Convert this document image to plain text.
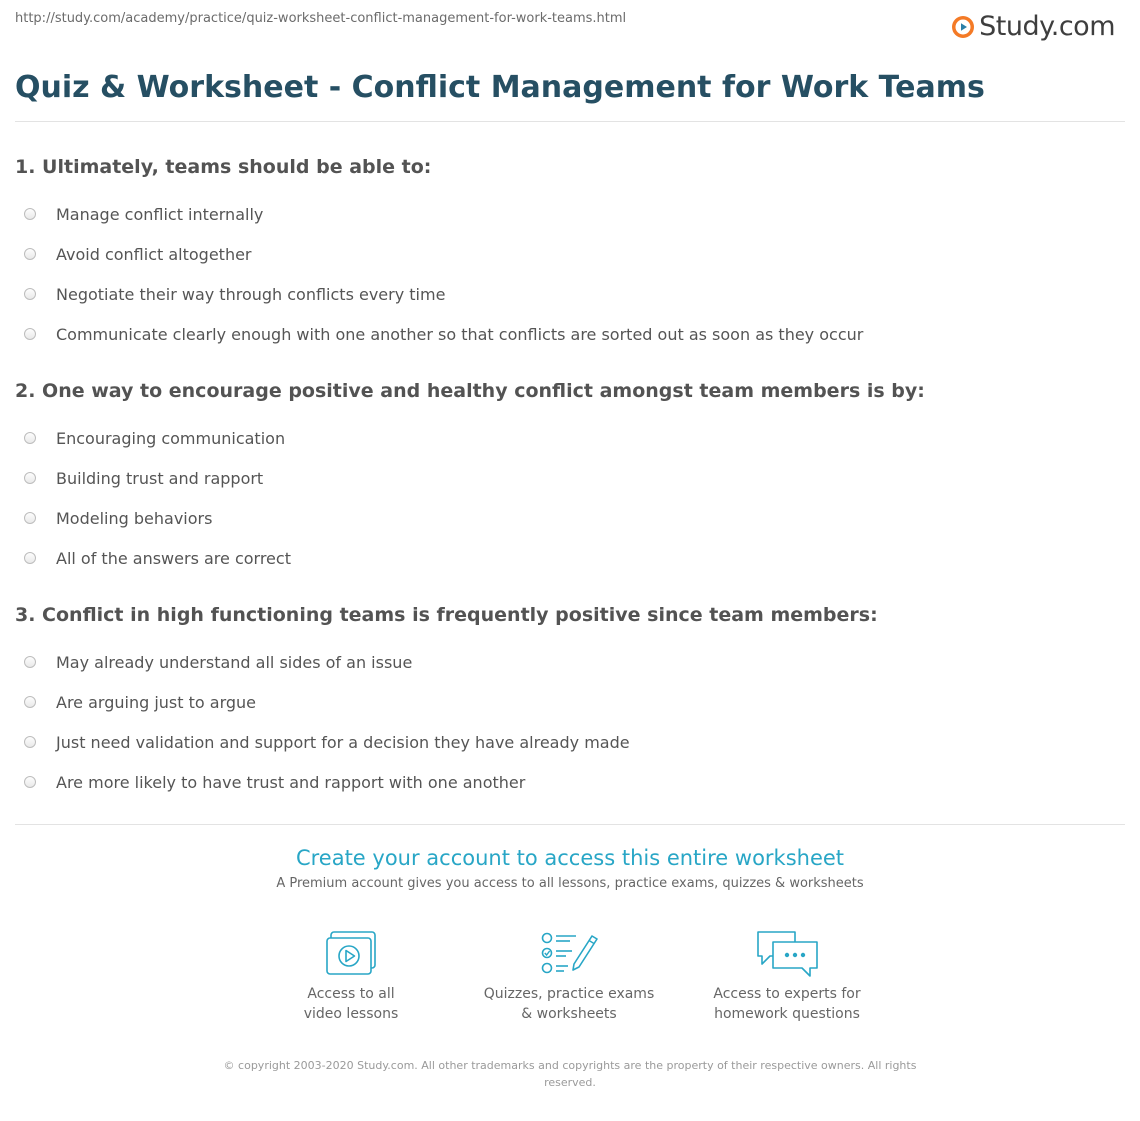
http://study.com/academy/practice/quiz-worksheet-conflict-management-for-work-teams.html	Study.com
Quiz & Worksheet - Conflict Management for Work Teams
1. Ultimately, teams should be able to:
Manage conflict internally
Avoid conflict altogether
Negotiate their way through conflicts every time
Communicate clearly enough with one another so that conflicts are sorted out as soon as they occur
2. One way to encourage positive and healthy conflict amongst team members is by:
Encouraging communication
Building trust and rapport
Modeling behaviors
All of the answers are correct
3. Conflict in high functioning teams is frequently positive since team members:
May already understand all sides of an issue
Are arguing just to argue
Just need validation and support for a decision they have already made
Are more likely to have trust and rapport with one another
Create your account to access this entire worksheet

A Premium account gives you access to all lessons, practice exams, quizzes & worksheets

Access to all
video lessons
Quizzes, practice exams
& worksheets
Access to experts for
homework questions
© copyright 2003-2020 Study.com. All other trademarks and copyrights are the property of their respective owners. All rights reserved.
